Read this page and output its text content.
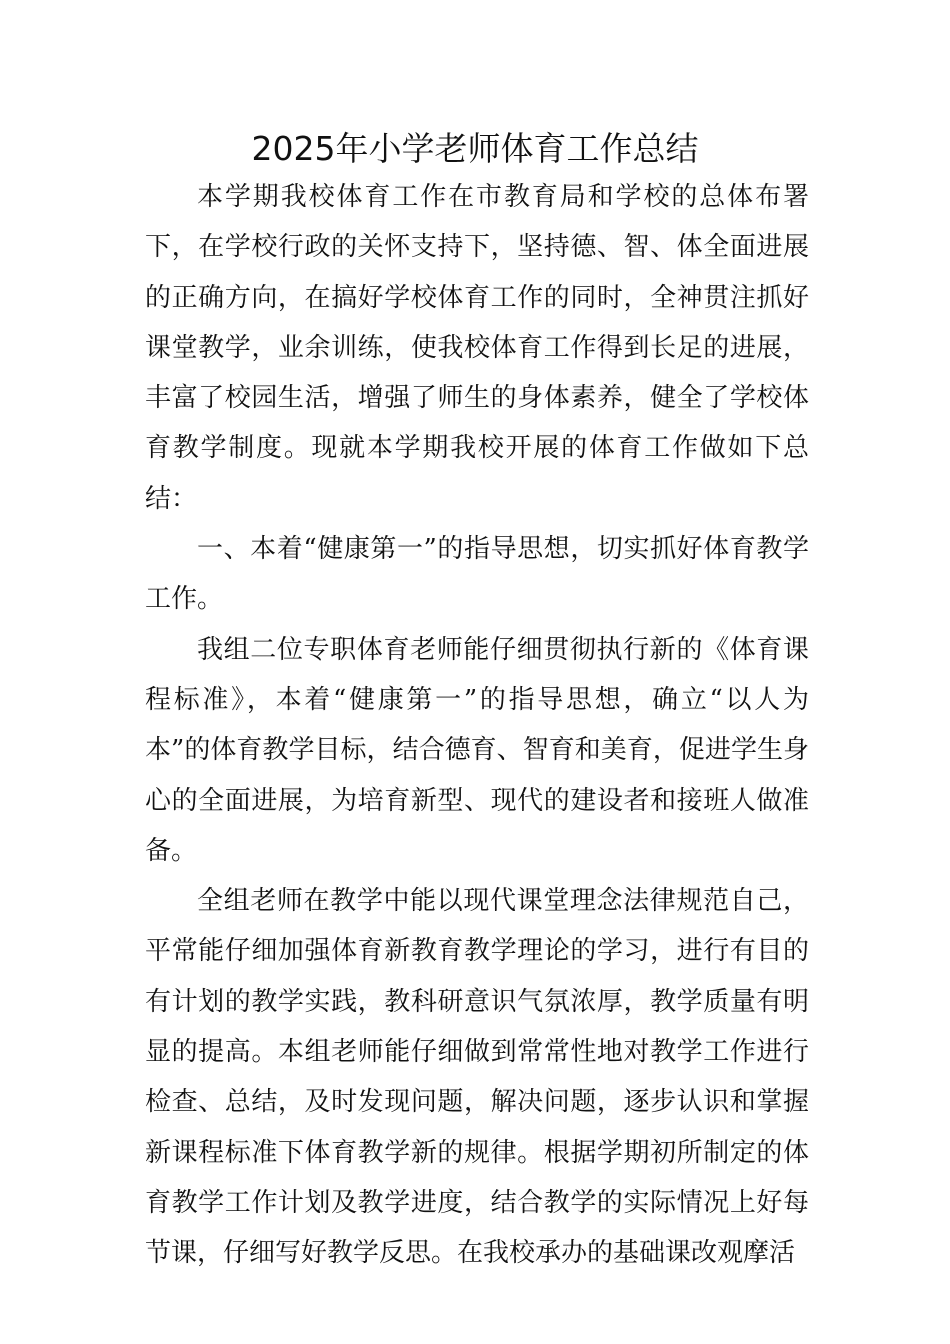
2025年小学老师体育工作总结

本学期我校体育工作在市教育局和学校的总体布署下，在学校行政的关怀支持下，坚持德、智、体全面进展的正确方向，在搞好学校体育工作的同时，全神贯注抓好课堂教学，业余训练，使我校体育工作得到长足的进展，丰富了校园生活，增强了师生的身体素养，健全了学校体育教学制度。现就本学期我校开展的体育工作做如下总结：

一、本着“健康第一”的指导思想，切实抓好体育教学工作。

我组二位专职体育老师能仔细贯彻执行新的《体育课程标准》，本着“健康第一”的指导思想，确立“以人为本”的体育教学目标，结合德育、智育和美育，促进学生身心的全面进展，为培育新型、现代的建设者和接班人做准备。

全组老师在教学中能以现代课堂理念法律规范自己，平常能仔细加强体育新教育教学理论的学习，进行有目的有计划的教学实践，教科研意识气氛浓厚，教学质量有明显的提高。本组老师能仔细做到常常性地对教学工作进行检查、总结，及时发现问题，解决问题，逐步认识和掌握新课程标准下体育教学新的规律。根据学期初所制定的体育教学工作计划及教学进度，结合教学的实际情况上好每节课，仔细写好教学反思。在我校承办的基础课改观摩活
